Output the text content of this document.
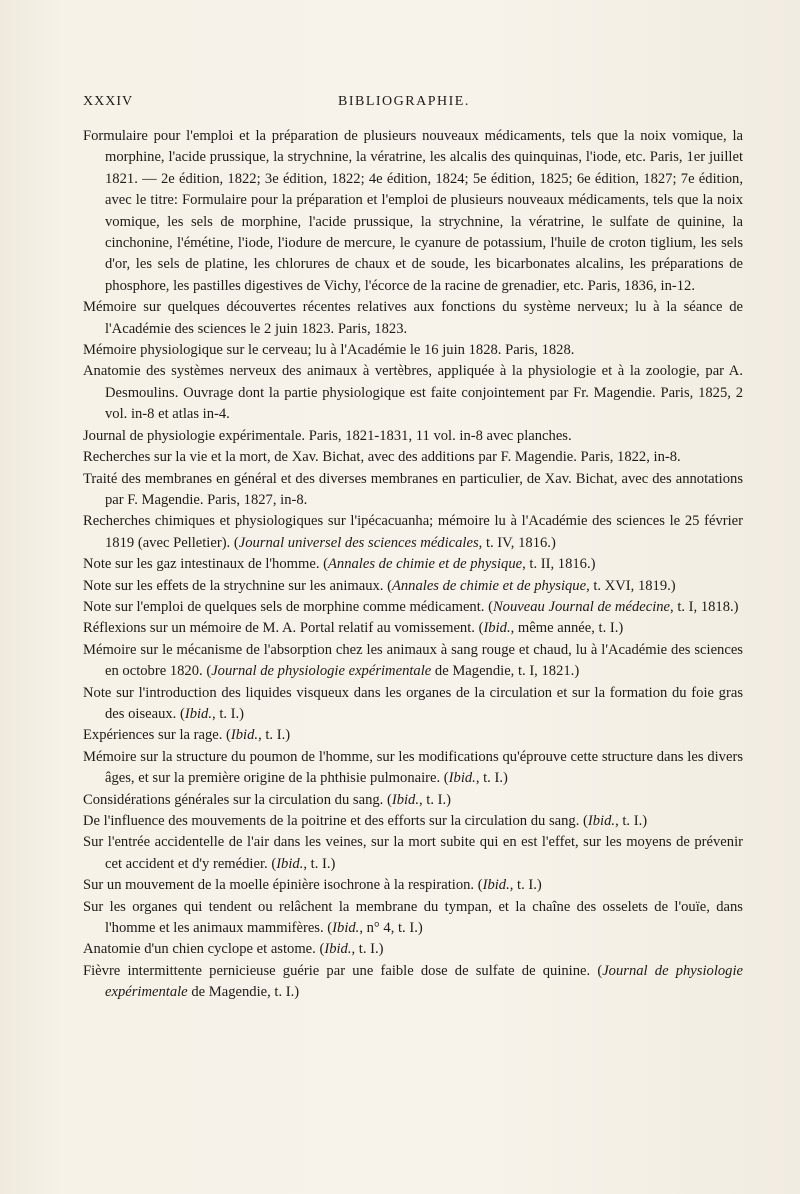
XXXIV	BIBLIOGRAPHIE.
Formulaire pour l'emploi et la préparation de plusieurs nouveaux médicaments, tels que la noix vomique, la morphine, l'acide prussique, la strychnine, la vératrine, les alcalis des quinquinas, l'iode, etc. Paris, 1er juillet 1821. — 2e édition, 1822; 3e édition, 1822; 4e édition, 1824; 5e édition, 1825; 6e édition, 1827; 7e édition, avec le titre: Formulaire pour la préparation et l'emploi de plusieurs nouveaux médicaments, tels que la noix vomique, les sels de morphine, l'acide prussique, la strychnine, la vératrine, le sulfate de quinine, la cinchonine, l'émétine, l'iode, l'iodure de mercure, le cyanure de potassium, l'huile de croton tiglium, les sels d'or, les sels de platine, les chlorures de chaux et de soude, les bicarbonates alcalins, les préparations de phosphore, les pastilles digestives de Vichy, l'écorce de la racine de grenadier, etc. Paris, 1836, in-12.
Mémoire sur quelques découvertes récentes relatives aux fonctions du système nerveux; lu à la séance de l'Académie des sciences le 2 juin 1823. Paris, 1823.
Mémoire physiologique sur le cerveau; lu à l'Académie le 16 juin 1828. Paris, 1828.
Anatomie des systèmes nerveux des animaux à vertèbres, appliquée à la physiologie et à la zoologie, par A. Desmoulins. Ouvrage dont la partie physiologique est faite conjointement par Fr. Magendie. Paris, 1825, 2 vol. in-8 et atlas in-4.
Journal de physiologie expérimentale. Paris, 1821-1831, 11 vol. in-8 avec planches.
Recherches sur la vie et la mort, de Xav. Bichat, avec des additions par F. Magendie. Paris, 1822, in-8.
Traité des membranes en général et des diverses membranes en particulier, de Xav. Bichat, avec des annotations par F. Magendie. Paris, 1827, in-8.
Recherches chimiques et physiologiques sur l'ipécacuanha; mémoire lu à l'Académie des sciences le 25 février 1819 (avec Pelletier). (Journal universel des sciences médicales, t. IV, 1816.)
Note sur les gaz intestinaux de l'homme. (Annales de chimie et de physique, t. II, 1816.)
Note sur les effets de la strychnine sur les animaux. (Annales de chimie et de physique, t. XVI, 1819.)
Note sur l'emploi de quelques sels de morphine comme médicament. (Nouveau Journal de médecine, t. I, 1818.)
Réflexions sur un mémoire de M. A. Portal relatif au vomissement. (Ibid., même année, t. I.)
Mémoire sur le mécanisme de l'absorption chez les animaux à sang rouge et chaud, lu à l'Académie des sciences en octobre 1820. (Journal de physiologie expérimentale de Magendie, t. I, 1821.)
Note sur l'introduction des liquides visqueux dans les organes de la circulation et sur la formation du foie gras des oiseaux. (Ibid., t. I.)
Expériences sur la rage. (Ibid., t. I.)
Mémoire sur la structure du poumon de l'homme, sur les modifications qu'éprouve cette structure dans les divers âges, et sur la première origine de la phthisie pulmonaire. (Ibid., t. I.)
Considérations générales sur la circulation du sang. (Ibid., t. I.)
De l'influence des mouvements de la poitrine et des efforts sur la circulation du sang. (Ibid., t. I.)
Sur l'entrée accidentelle de l'air dans les veines, sur la mort subite qui en est l'effet, sur les moyens de prévenir cet accident et d'y remédier. (Ibid., t. I.)
Sur un mouvement de la moelle épinière isochrone à la respiration. (Ibid., t. I.)
Sur les organes qui tendent ou relâchent la membrane du tympan, et la chaîne des osselets de l'ouïe, dans l'homme et les animaux mammifères. (Ibid., n° 4, t. I.)
Anatomie d'un chien cyclope et astome. (Ibid., t. I.)
Fièvre intermittente pernicieuse guérie par une faible dose de sulfate de quinine. (Journal de physiologie expérimentale de Magendie, t. I.)
